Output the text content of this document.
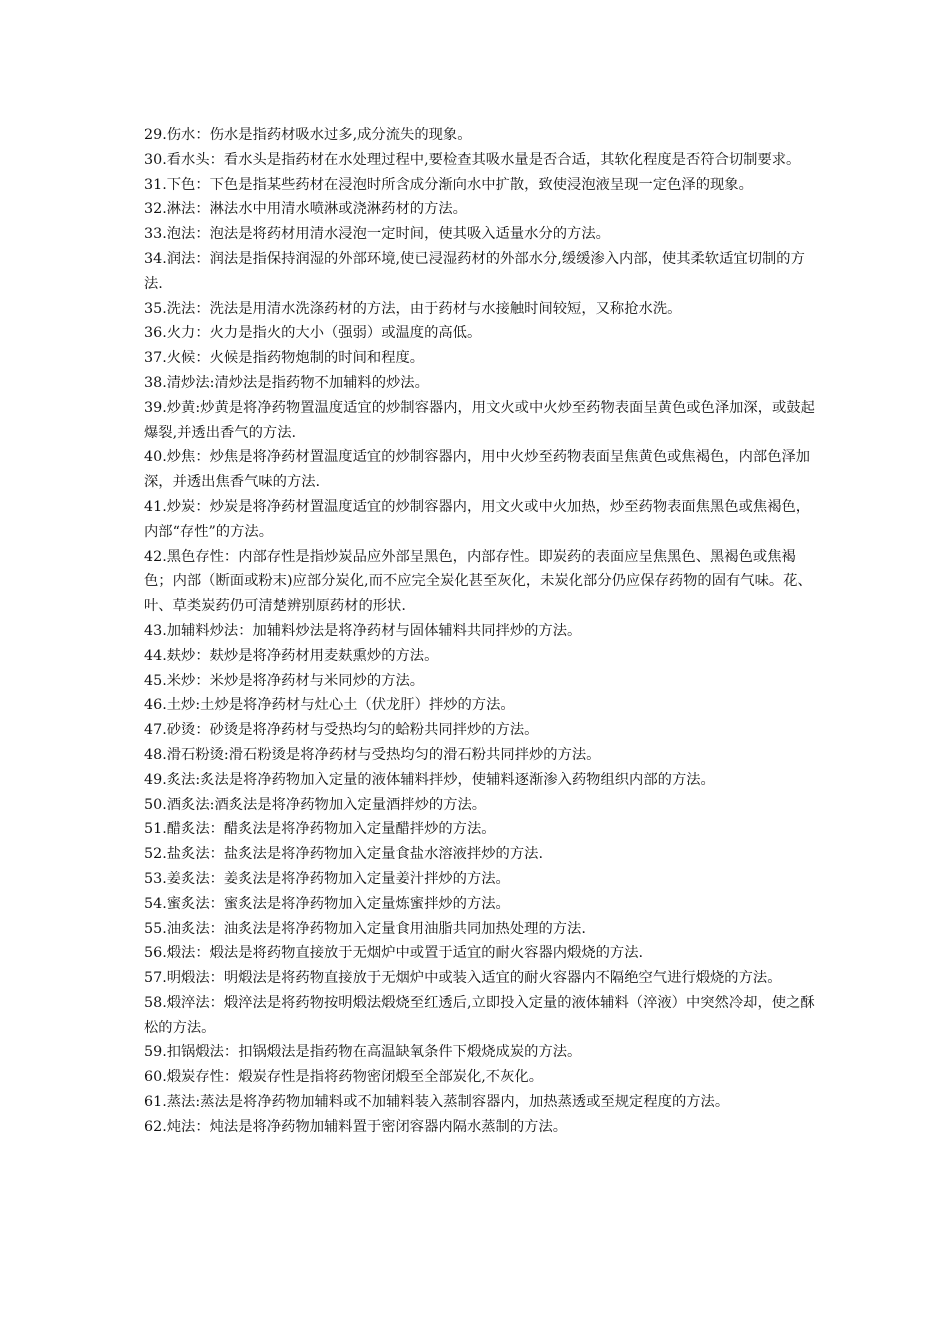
29.伤水：伤水是指药材吸水过多,成分流失的现象。

30.看水头：看水头是指药材在水处理过程中,要检查其吸水量是否合适，其软化程度是否符合切制要求。

31.下色：下色是指某些药材在浸泡时所含成分渐向水中扩散，致使浸泡液呈现一定色泽的现象。

32.淋法：淋法水中用清水喷淋或浇淋药材的方法。

33.泡法：泡法是将药材用清水浸泡一定时间，使其吸入适量水分的方法。

34.润法：润法是指保持润湿的外部环境,使已浸湿药材的外部水分,缓缓渗入内部，使其柔软适宜切制的方法.

35.洗法：洗法是用清水洗涤药材的方法，由于药材与水接触时间较短，又称抢水洗。

36.火力：火力是指火的大小（强弱）或温度的高低。

37.火候：火候是指药物炮制的时间和程度。

38.清炒法:清炒法是指药物不加辅料的炒法。

39.炒黄:炒黄是将净药物置温度适宜的炒制容器内，用文火或中火炒至药物表面呈黄色或色泽加深，或鼓起爆裂,并透出香气的方法.

40.炒焦：炒焦是将净药材置温度适宜的炒制容器内，用中火炒至药物表面呈焦黄色或焦褐色，内部色泽加深，并透出焦香气味的方法.

41.炒炭：炒炭是将净药材置温度适宜的炒制容器内，用文火或中火加热，炒至药物表面焦黑色或焦褐色，内部“存性”的方法。

42.黑色存性：内部存性是指炒炭品应外部呈黑色，内部存性。即炭药的表面应呈焦黑色、黑褐色或焦褐色；内部（断面或粉末)应部分炭化,而不应完全炭化甚至灰化，未炭化部分仍应保存药物的固有气味。花、叶、草类炭药仍可清楚辨别原药材的形状.

43.加辅料炒法：加辅料炒法是将净药材与固体辅料共同拌炒的方法。

44.麸炒：麸炒是将净药材用麦麸熏炒的方法。

45.米炒：米炒是将净药材与米同炒的方法。

46.土炒:土炒是将净药材与灶心土（伏龙肝）拌炒的方法。

47.砂烫：砂烫是将净药材与受热均匀的蛤粉共同拌炒的方法。

48.滑石粉烫:滑石粉烫是将净药材与受热均匀的滑石粉共同拌炒的方法。

49.炙法:炙法是将净药物加入定量的液体辅料拌炒，使辅料逐渐渗入药物组织内部的方法。

50.酒炙法:酒炙法是将净药物加入定量酒拌炒的方法。

51.醋炙法：醋炙法是将净药物加入定量醋拌炒的方法。

52.盐炙法：盐炙法是将净药物加入定量食盐水溶液拌炒的方法.

53.姜炙法：姜炙法是将净药物加入定量姜汁拌炒的方法。

54.蜜炙法：蜜炙法是将净药物加入定量炼蜜拌炒的方法。

55.油炙法：油炙法是将净药物加入定量食用油脂共同加热处理的方法.

56.煅法：煅法是将药物直接放于无烟炉中或置于适宜的耐火容器内煅烧的方法.

57.明煅法：明煅法是将药物直接放于无烟炉中或装入适宜的耐火容器内不隔绝空气进行煅烧的方法。

58.煅淬法：煅淬法是将药物按明煅法煅烧至红透后,立即投入定量的液体辅料（淬液）中突然冷却，使之酥松的方法。

59.扣锅煅法：扣锅煅法是指药物在高温缺氧条件下煅烧成炭的方法。

60.煅炭存性：煅炭存性是指将药物密闭煅至全部炭化,不灰化。

61.蒸法:蒸法是将净药物加辅料或不加辅料装入蒸制容器内，加热蒸透或至规定程度的方法。

62.炖法：炖法是将净药物加辅料置于密闭容器内隔水蒸制的方法。
